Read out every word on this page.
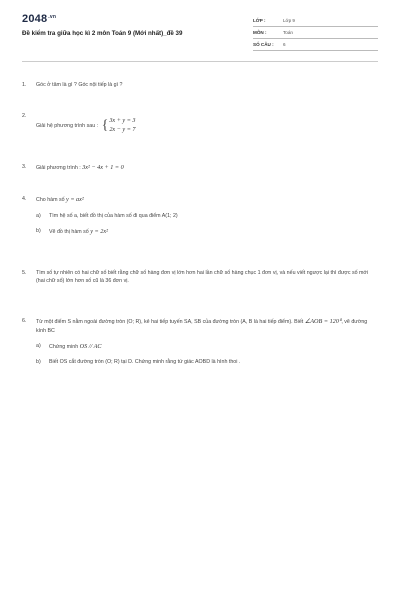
$2048^{.vn}$
Đề kiểm tra giữa học kì 2 môn Toán 9 (Mới nhất)_đề 39
LỚP :	Lớp 9
MÔN :	Toán
SỐ CÂU :	6
1. Góc ở tâm là gì ? Góc nội tiếp là gì ?
2.
Giải hệ phương trình sau : { 3x + y = 3
2x − y = 7
3. Giải phương trình : 3x² − 4x + 1 = 0
4. Cho hàm số y = ax²
a)	Tìm hệ số a, biết đồ thị của hàm số đi qua điểm A(1; 2)
b)	Vẽ đồ thị hàm số y = 2x²
5. Tìm số tự nhiên có hai chữ số biết rằng chữ số hàng đơn vị lớn hơn hai lần chữ số hàng chục 1 đơn vị, và nếu viết ngược lại thì được số mới (hai chữ số) lớn hơn số cũ là 36 đơn vị.
6. Từ một điểm S nằm ngoài đường tròn (O; R), kẻ hai tiếp tuyến SA, SB của đường tròn (A, B là hai tiếp điểm). Biết ∠AOB = 120⁰, vẽ đường kính BC
a)	Chứng minh OS // AC
b)	Biết OS cắt đường tròn (O; R) tại D. Chứng minh rằng tứ giác AOBD là hình thoi .
